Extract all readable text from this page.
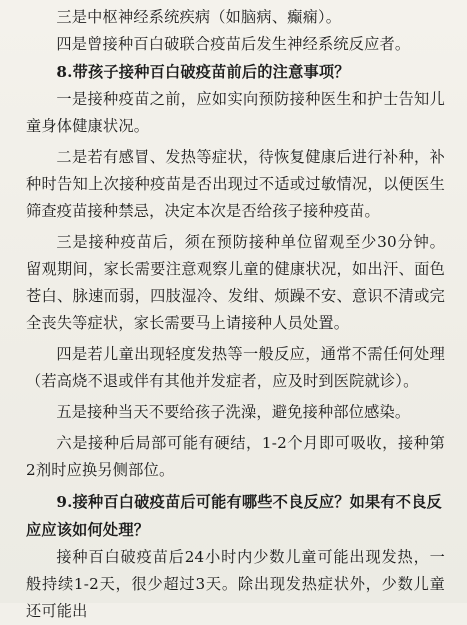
三是中枢神经系统疾病（如脑病、癫痫）。

四是曾接种百白破联合疫苗后发生神经系统反应者。

8.带孩子接种百白破疫苗前后的注意事项？

一是接种疫苗之前，应如实向预防接种医生和护士告知儿童身体健康状况。

二是若有感冒、发热等症状，待恢复健康后进行补种，补种时告知上次接种疫苗是否出现过不适或过敏情况，以便医生筛查疫苗接种禁忌，决定本次是否给孩子接种疫苗。

三是接种疫苗后，须在预防接种单位留观至少30分钟。留观期间，家长需要注意观察儿童的健康状况，如出汗、面色苍白、脉速而弱，四肢湿冷、发绀、烦躁不安、意识不清或完全丧失等症状，家长需要马上请接种人员处置。

四是若儿童出现轻度发热等一般反应，通常不需任何处理（若高烧不退或伴有其他并发症者，应及时到医院就诊）。

五是接种当天不要给孩子洗澡，避免接种部位感染。

六是接种后局部可能有硬结，1-2个月即可吸收，接种第2剂时应换另侧部位。

9.接种百白破疫苗后可能有哪些不良反应？如果有不良反应应该如何处理？

接种百白破疫苗后24小时内少数儿童可能出现发热，一般持续1-2天，很少超过3天。除出现发热症状外，少数儿童还可能出
